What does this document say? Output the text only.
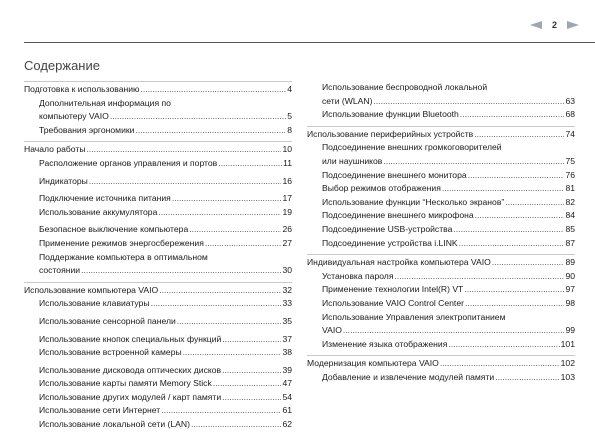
2
Содержание
Подготовка к использованию .....	4
Дополнительная информация по
компьютеру VAIO .....	5
Требования эргономики .....	8
Начало работы .....	10
Расположение органов управления и портов .....	11
Индикаторы .....	16
Подключение источника питания .....	17
Использование аккумулятора .....	19
Безопасное выключение компьютера .....	26
Применение режимов энергосбережения .....	27
Поддержание компьютера в оптимальном
состоянии .....	30
Использование компьютера VAIO .....	32
Использование клавиатуры .....	33
Использование сенсорной панели .....	35
Использование кнопок специальных функций .....	37
Использование встроенной камеры .....	38
Использование дисковода оптических дисков .....	39
Использование карты памяти Memory Stick .....	47
Использование других модулей / карт памяти .....	54
Использование сети Интернет .....	61
Использование локальной сети (LAN) .....	62
Использование беспроводной локальной
сети (WLAN) .....	63
Использование функции Bluetooth .....	68
Использование периферийных устройств .....	74
Подсоединение внешних громкоговорителей
или наушников .....	75
Подсоединение внешнего монитора .....	76
Выбор режимов отображения .....	81
Использование функции “Несколько экранов” .....	82
Подсоединение внешнего микрофона .....	84
Подсоединение USB-устройства .....	85
Подсоединение устройства i.LINK .....	87
Индивидуальная настройка компьютера VAIO .....	89
Установка пароля .....	90
Применение технологии Intel(R) VT .....	97
Использование VAIO Control Center .....	98
Использование Управления электропитанием
VAIO .....	99
Изменение языка отображения .....	101
Модернизация компьютера VAIO .....	102
Добавление и извлечение модулей памяти .....	103
